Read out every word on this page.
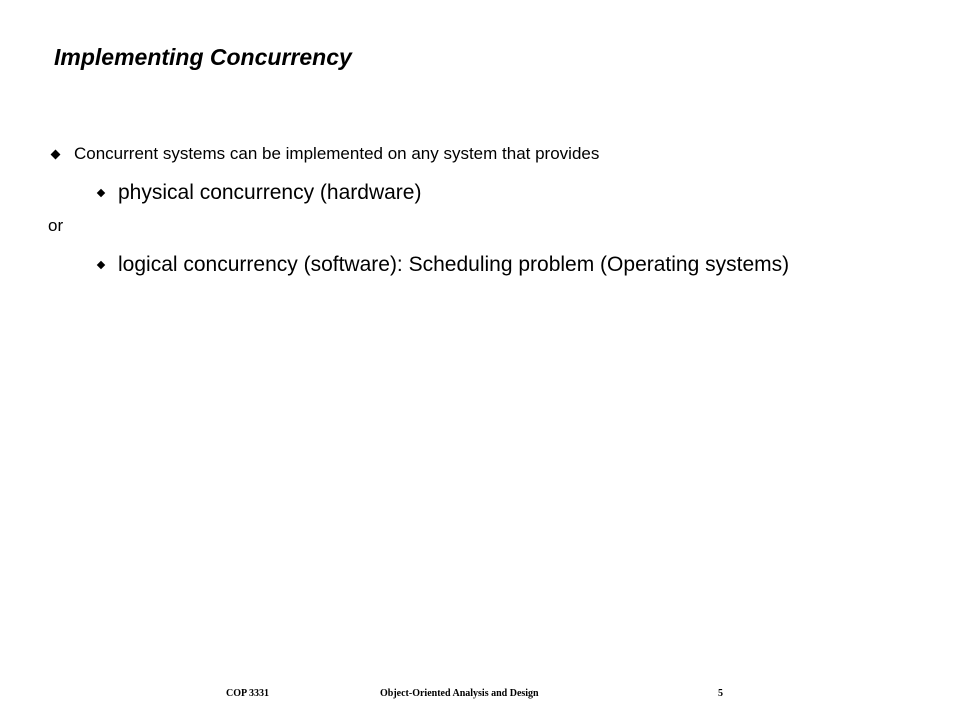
Implementing Concurrency
Concurrent systems can be implemented on any system that provides
physical concurrency (hardware)
or
logical concurrency (software): Scheduling problem (Operating systems)
COP 3331	Object-Oriented Analysis and Design	5
